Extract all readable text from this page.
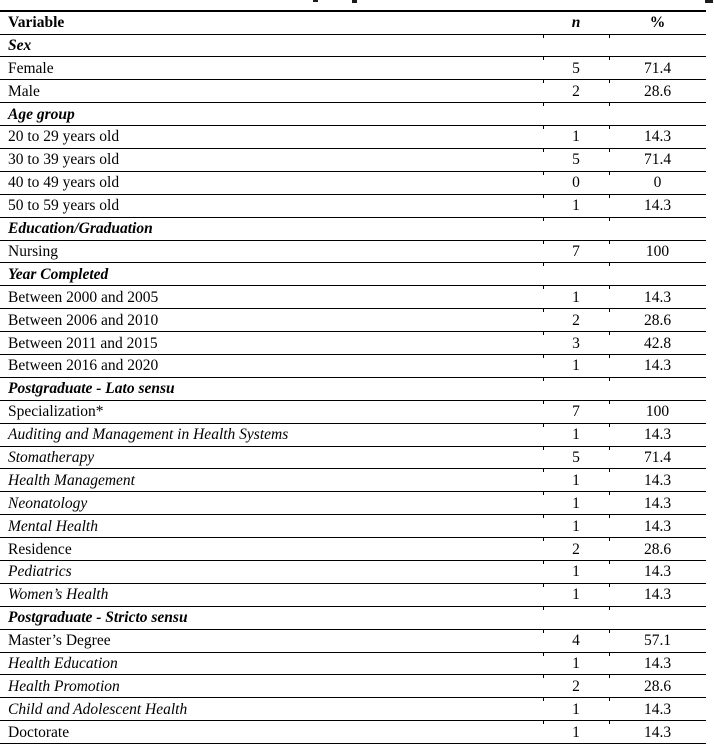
Variable	n	%
Sex		
Female	5	71.4
Male	2	28.6
Age group		
20 to 29 years old	1	14.3
30 to 39 years old	5	71.4
40 to 49 years old	0	0
50 to 59 years old	1	14.3
Education/Graduation		
Nursing	7	100
Year Completed		
Between 2000 and 2005	1	14.3
Between 2006 and 2010	2	28.6
Between 2011 and 2015	3	42.8
Between 2016 and 2020	1	14.3
Postgraduate - Lato sensu		
Specialization*	7	100
Auditing and Management in Health Systems	1	14.3
Stomatherapy	5	71.4
Health Management	1	14.3
Neonatology	1	14.3
Mental Health	1	14.3
Residence	2	28.6
Pediatrics	1	14.3
Women’s Health	1	14.3
Postgraduate - Stricto sensu		
Master’s Degree	4	57.1
Health Education	1	14.3
Health Promotion	2	28.6
Child and Adolescent Health	1	14.3
Doctorate	1	14.3
